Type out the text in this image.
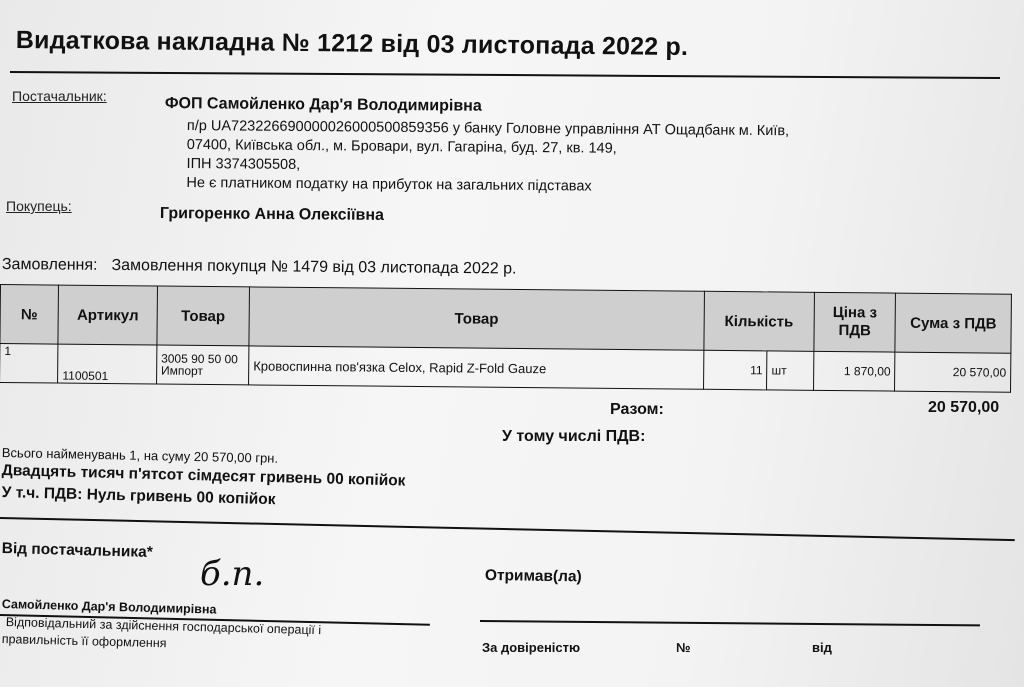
Видаткова накладна № 1212 від 03 листопада 2022 р.
Постачальник:	ФОП Самойленко Дар'я Володимирівна
п/р UA723226690000026000500859356 у банку Головне управління АТ Ощадбанк м. Київ,
07400, Київська обл., м. Бровари, вул. Гагаріна, буд. 27, кв. 149,
ІПН 3374305508,
Не є платником податку на прибуток на загальних підставах
Покупець:	Григоренко Анна Олексіївна
Замовлення: Замовлення покупця № 1479 від 03 листопада 2022 р.
№	Артикул	Товар	Товар	Кількість		Ціна з ПДВ	Сума з ПДВ
1	1100501	3005 90 50 00 Импорт	Кровоспинна пов'язка Celox, Rapid Z-Fold Gauze	11	шт	1 870,00	20 570,00
Разом:	20 570,00
У тому числі ПДВ:
Всього найменувань 1, на суму 20 570,00 грн.
Двадцять тисяч п'ятсот сімдесят гривень 00 копійок
У т.ч. ПДВ: Нуль гривень 00 копійок
Від постачальника*
б.п.	Отримав(ла)
Самойленко Дар'я Володимирівна
Відповідальний за здійснення господарської операції і
правильність її оформлення	За довіреністю	№	від
